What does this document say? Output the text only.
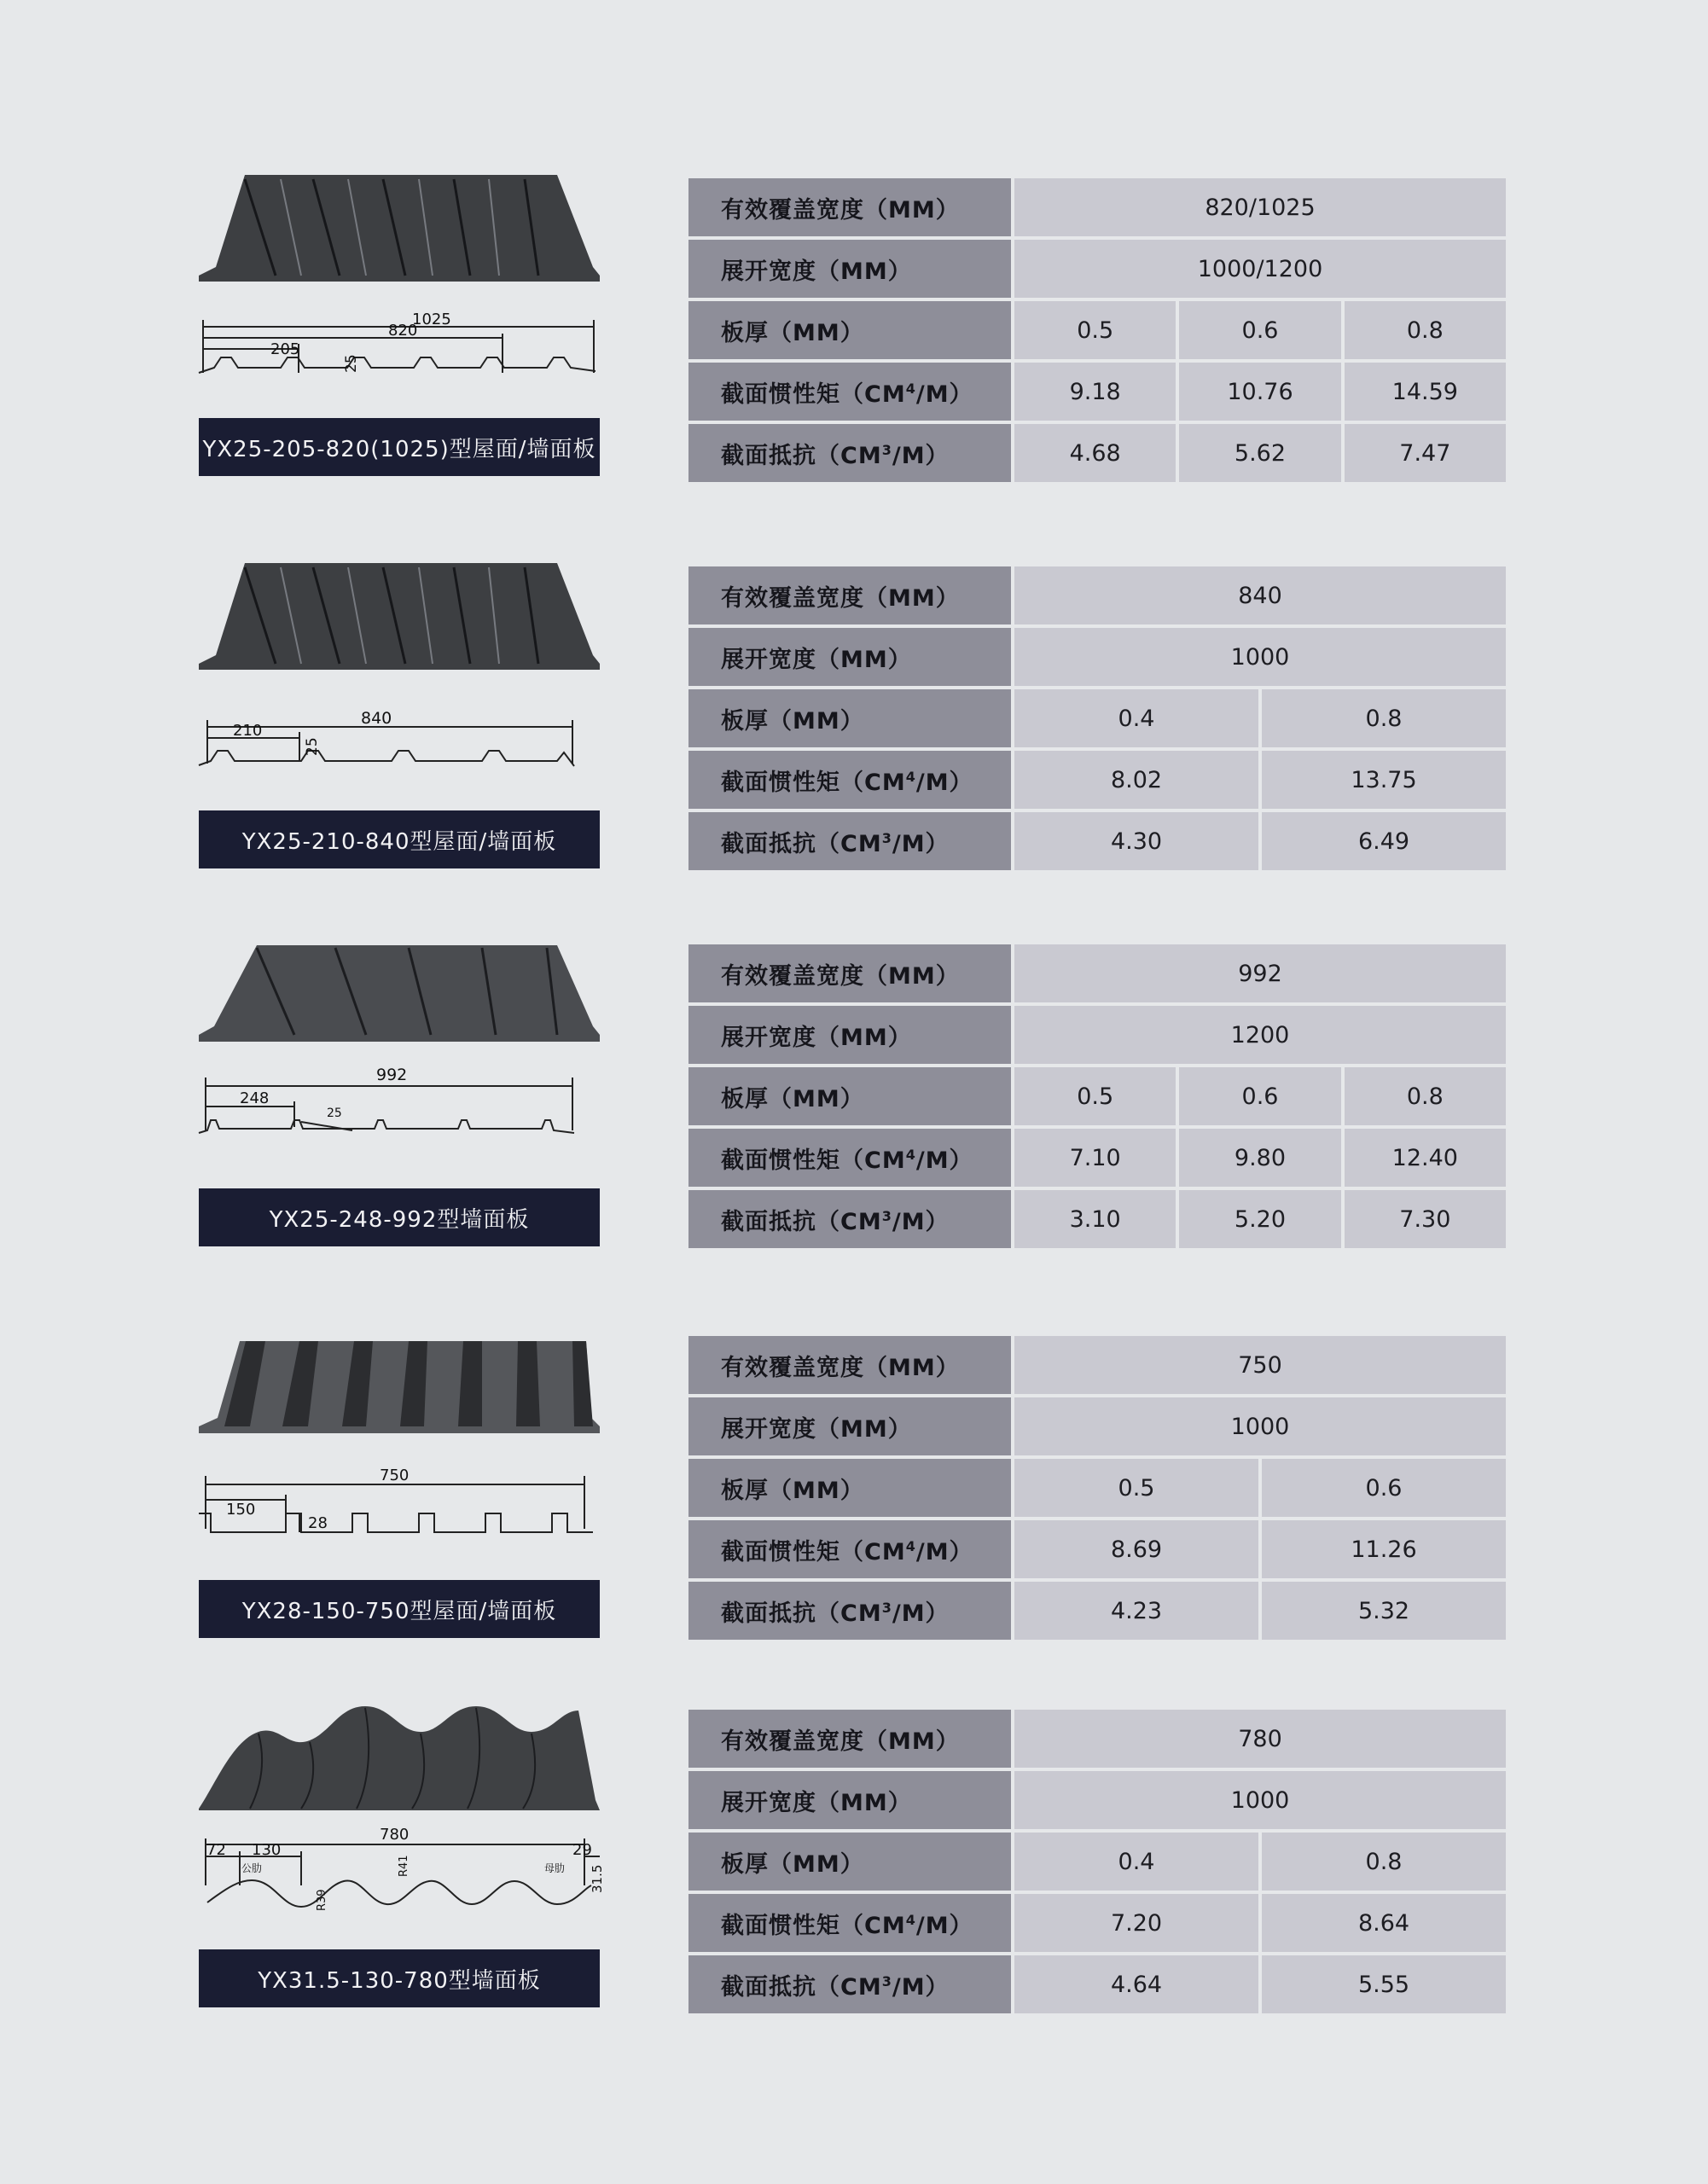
1025
820
205
25
YX25-205-820(1025)型屋面/墙面板
有效覆盖宽度（MM）	820/1025		
展开宽度（MM）	1000/1200		
板厚（MM）	0.5	0.6	0.8
截面惯性矩$(CM^4/M)$	9.18	10.76	14.59
截面抵抗$(CM^3/M)$	4.68	5.62	7.47
840
210
25
YX25-210-840型屋面/墙面板
有效覆盖宽度（MM）	840	
展开宽度（MM）	1000	
板厚（MM）	0.4	0.8
截面惯性矩$(CM^4/M)$	8.02	13.75
截面抵抗$(CM^3/M)$	4.30	6.49
992
248
25
YX25-248-992型墙面板
有效覆盖宽度（MM）	992		
展开宽度（MM）	1200		
板厚（MM）	0.5	0.6	0.8
截面惯性矩$(CM^4/M)$	7.10	9.80	12.40
截面抵抗$(CM^3/M)$	3.10	5.20	7.30
750
150
28
YX28-150-750型屋面/墙面板
有效覆盖宽度（MM）	750	
展开宽度（MM）	1000	
板厚（MM）	0.5	0.6
截面惯性矩$(CM^4/M)$	8.69	11.26
截面抵抗$(CM^3/M)$	4.23	5.32
780
72 130	29
公肋	母肋
R41
R39
31.5
YX31.5-130-780型墙面板
有效覆盖宽度（MM）	780	
展开宽度（MM）	1000	
板厚（MM）	0.4	0.8
截面惯性矩$(CM^4/M)$	7.20	8.64
截面抵抗$(CM^3/M)$	4.64	5.55
